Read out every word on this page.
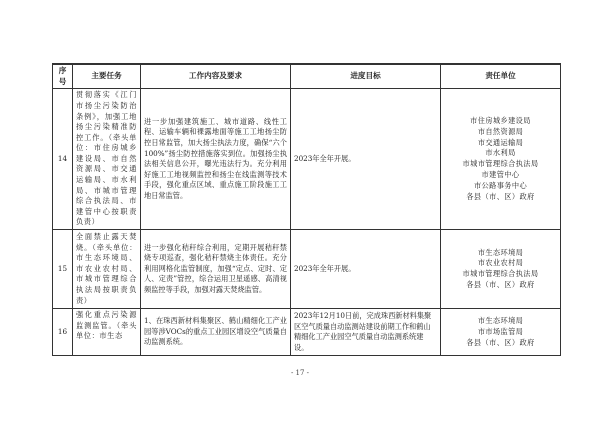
序号	主要任务	工作内容及要求	进度目标	责任单位
14	贯彻落实《江门市扬尘污染防治条例》，加强工地扬尘污染精准防控工作。（牵头单位：市住房城乡建设局、市自然资源局、市交通运输局、市水利局、市城市管理综合执法局、市建管中心按职责负责）	进一步加强建筑施工、城市道路、线性工程、运输车辆和裸露地面等施工工地扬尘防控日常监管，加大扬尘执法力度，确保“六个100%”扬尘防控措施落实到位。加强扬尘执法相关信息公开，曝光违法行为。充分利用好施工工地视频监控和扬尘在线监测等技术手段，强化重点区域、重点施工阶段施工工地日常监管。	2023年全年开展。	
市住房城乡建设局
市自然资源局
市交通运输局
市水利局
市城市管理综合执法局
市建管中心
市公路事务中心
各县（市、区）政府

15	全面禁止露天焚烧。（牵头单位：市生态环境局、市农业农村局、市城市管理综合执法局按职责负责）	进一步强化秸秆综合利用，定期开展秸秆禁烧专项巡查，强化秸秆禁烧主体责任。充分利用网格化监管制度，加强“定点、定时、定人、定责”管控，综合运用卫星遥感、高清视频监控等手段，加强对露天焚烧监管。	2023年全年开展。	市生态环境局
市农业农村局
市城市管理综合执法局
各县（市、区）政府

16	强化重点污染源监测监管。（牵头单位：市生态	1、在珠西新材料集聚区、鹤山精细化工产业园等涉VOCs的重点工业园区增设空气质量自动监测系统。	2023年12月10日前，完成珠西新材料集聚区空气质量自动监测站建设前期工作和鹤山精细化工产业园空气质量自动监测系统建设。	市生态环境局
市市场监管局
各县（市、区）政府
- 17 -
